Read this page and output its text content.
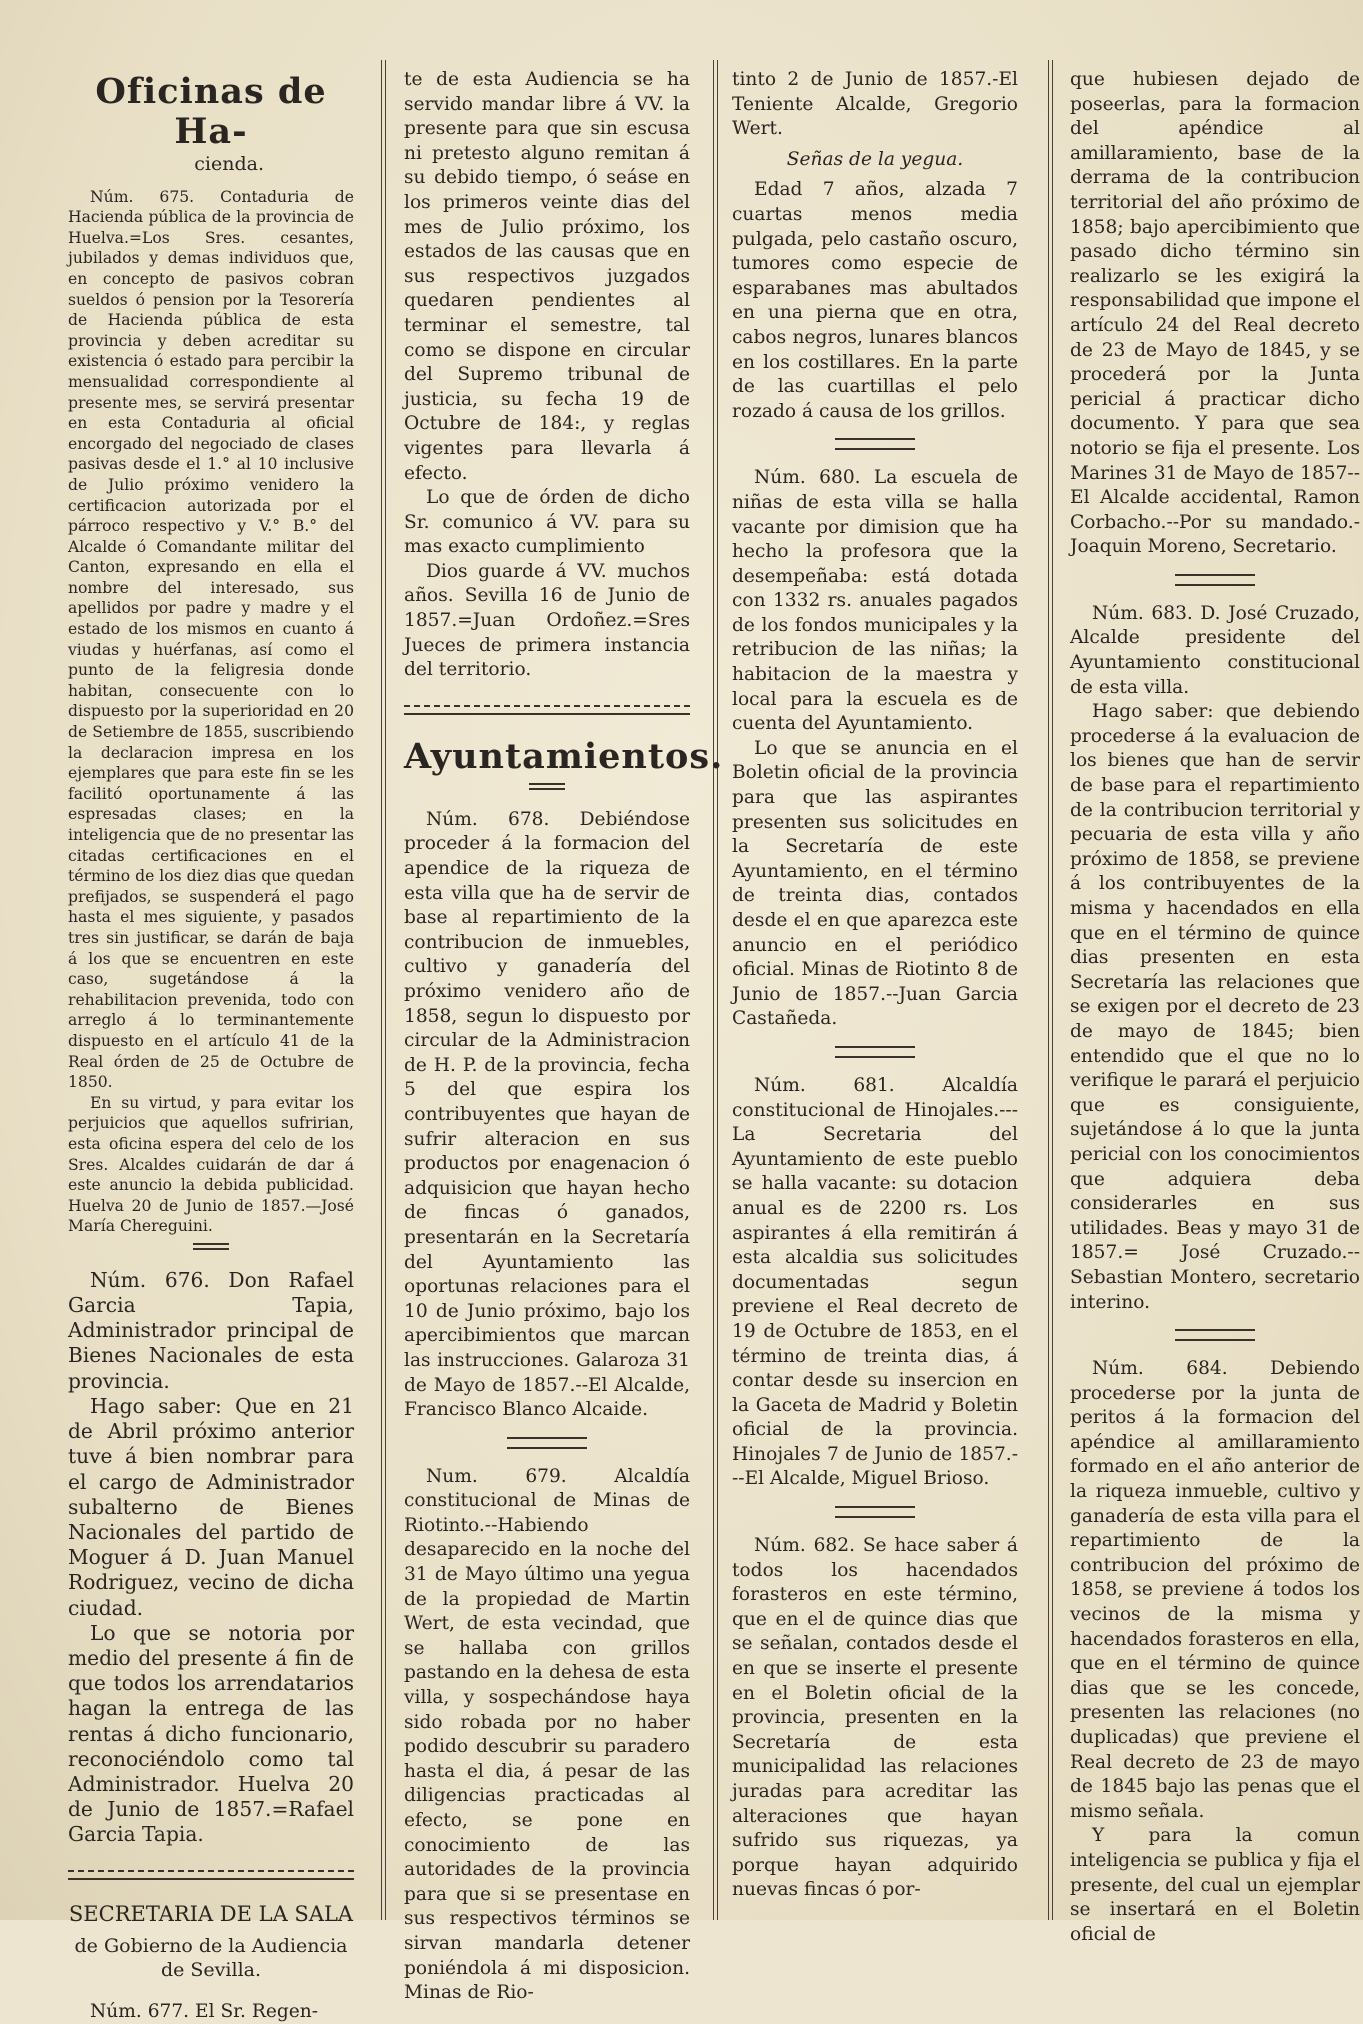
Oficinas de Ha-
cienda.

Núm. 675. Contaduria de Hacienda pública de la provincia de Huelva.=Los Sres. cesantes, jubilados y demas individuos que, en concepto de pasivos cobran sueldos ó pension por la Tesorería de Hacienda pública de esta provincia y deben acreditar su existencia ó estado para percibir la mensualidad correspondiente al presente mes, se servirá presentar en esta Contaduria al oficial encorgado del negociado de clases pasivas desde el 1.° al 10 inclusive de Julio próximo venidero la certificacion autorizada por el párroco respectivo y V.° B.° del Alcalde ó Comandante militar del Canton, expresando en ella el nombre del interesado, sus apellidos por padre y madre y el estado de los mismos en cuanto á viudas y huérfanas, así como el punto de la feligresia donde habitan, consecuente con lo dispuesto por la superioridad en 20 de Setiembre de 1855, suscribiendo la declaracion impresa en los ejemplares que para este fin se les facilitó oportunamente á las espresadas clases; en la inteligencia que de no presentar las citadas certificaciones en el término de los diez dias que quedan prefijados, se suspenderá el pago hasta el mes siguiente, y pasados tres sin justificar, se darán de baja á los que se encuentren en este caso, sugetándose á la rehabilitacion prevenida, todo con arreglo á lo terminantemente dispuesto en el artículo 41 de la Real órden de 25 de Octubre de 1850.

En su virtud, y para evitar los perjuicios que aquellos sufririan, esta oficina espera del celo de los Sres. Alcaldes cuidarán de dar á este anuncio la debida publicidad. Huelva 20 de Junio de 1857.—José María Chereguini.

Núm. 676. Don Rafael Garcia Tapia, Administrador principal de Bienes Nacionales de esta provincia.

Hago saber: Que en 21 de Abril próximo anterior tuve á bien nombrar para el cargo de Administrador subalterno de Bienes Nacionales del partido de Moguer á D. Juan Manuel Rodriguez, vecino de dicha ciudad.

Lo que se notoria por medio del presente á fin de que todos los arrendatarios hagan la entrega de las rentas á dicho funcionario, reconociéndolo como tal Administrador. Huelva 20 de Junio de 1857.=Rafael Garcia Tapia.

SECRETARIA DE LA SALA
de Gobierno de la Audiencia de Sevilla.

Núm. 677. El Sr. Regen-

te de esta Audiencia se ha servido mandar libre á VV. la presente para que sin escusa ni pretesto alguno remitan á su debido tiempo, ó seáse en los primeros veinte dias del mes de Julio próximo, los estados de las causas que en sus respectivos juzgados quedaren pendientes al terminar el semestre, tal como se dispone en circular del Supremo tribunal de justicia, su fecha 19 de Octubre de 184:, y reglas vigentes para llevarla á efecto.

Lo que de órden de dicho Sr. comunico á VV. para su mas exacto cumplimiento

Dios guarde á VV. muchos años. Sevilla 16 de Junio de 1857.=Juan Ordoñez.=Sres Jueces de primera instancia del territorio.

Ayuntamientos.

Núm. 678. Debiéndose proceder á la formacion del apendice de la riqueza de esta villa que ha de servir de base al repartimiento de la contribucion de inmuebles, cultivo y ganadería del próximo venidero año de 1858, segun lo dispuesto por circular de la Administracion de H. P. de la provincia, fecha 5 del que espira los contribuyentes que hayan de sufrir alteracion en sus productos por enagenacion ó adquisicion que hayan hecho de fincas ó ganados, presentarán en la Secretaría del Ayuntamiento las oportunas relaciones para el 10 de Junio próximo, bajo los apercibimientos que marcan las instrucciones. Galaroza 31 de Mayo de 1857.--El Alcalde, Francisco Blanco Alcaide.

Num. 679. Alcaldía constitucional de Minas de Riotinto.--Habiendo desaparecido en la noche del 31 de Mayo último una yegua de la propiedad de Martin Wert, de esta vecindad, que se hallaba con grillos pastando en la dehesa de esta villa, y sospechándose haya sido robada por no haber podido descubrir su paradero hasta el dia, á pesar de las diligencias practicadas al efecto, se pone en conocimiento de las autoridades de la provincia para que si se presentase en sus respectivos términos se sirvan mandarla detener poniéndola á mi disposicion. Minas de Rio-

tinto 2 de Junio de 1857.-El Teniente Alcalde, Gregorio Wert.

Señas de la yegua.

Edad 7 años, alzada 7 cuartas menos media pulgada, pelo castaño oscuro, tumores como especie de esparabanes mas abultados en una pierna que en otra, cabos negros, lunares blancos en los costillares. En la parte de las cuartillas el pelo rozado á causa de los grillos.

Núm. 680. La escuela de niñas de esta villa se halla vacante por dimision que ha hecho la profesora que la desempeñaba: está dotada con 1332 rs. anuales pagados de los fondos municipales y la retribucion de las niñas; la habitacion de la maestra y local para la escuela es de cuenta del Ayuntamiento.

Lo que se anuncia en el Boletin oficial de la provincia para que las aspirantes presenten sus solicitudes en la Secretaría de este Ayuntamiento, en el término de treinta dias, contados desde el en que aparezca este anuncio en el periódico oficial. Minas de Riotinto 8 de Junio de 1857.--Juan Garcia Castañeda.

Núm. 681. Alcaldía constitucional de Hinojales.---La Secretaria del Ayuntamiento de este pueblo se halla vacante: su dotacion anual es de 2200 rs. Los aspirantes á ella remitirán á esta alcaldia sus solicitudes documentadas segun previene el Real decreto de 19 de Octubre de 1853, en el término de treinta dias, á contar desde su insercion en la Gaceta de Madrid y Boletin oficial de la provincia. Hinojales 7 de Junio de 1857.---El Alcalde, Miguel Brioso.

Núm. 682. Se hace saber á todos los hacendados forasteros en este término, que en el de quince dias que se señalan, contados desde el en que se inserte el presente en el Boletin oficial de la provincia, presenten en la Secretaría de esta municipalidad las relaciones juradas para acreditar las alteraciones que hayan sufrido sus riquezas, ya porque hayan adquirido nuevas fincas ó por-

que hubiesen dejado de poseerlas, para la formacion del apéndice al amillaramiento, base de la derrama de la contribucion territorial del año próximo de 1858; bajo apercibimiento que pasado dicho término sin realizarlo se les exigirá la responsabilidad que impone el artículo 24 del Real decreto de 23 de Mayo de 1845, y se procederá por la Junta pericial á practicar dicho documento. Y para que sea notorio se fija el presente. Los Marines 31 de Mayo de 1857--El Alcalde accidental, Ramon Corbacho.--Por su mandado.- Joaquin Moreno, Secretario.

Núm. 683. D. José Cruzado, Alcalde presidente del Ayuntamiento constitucional de esta villa.

Hago saber: que debiendo procederse á la evaluacion de los bienes que han de servir de base para el repartimiento de la contribucion territorial y pecuaria de esta villa y año próximo de 1858, se previene á los contribuyentes de la misma y hacendados en ella que en el término de quince dias presenten en esta Secretaría las relaciones que se exigen por el decreto de 23 de mayo de 1845; bien entendido que el que no lo verifique le parará el perjuicio que es consiguiente, sujetándose á lo que la junta pericial con los conocimientos que adquiera deba considerarles en sus utilidades. Beas y mayo 31 de 1857.= José Cruzado.--Sebastian Montero, secretario interino.

Núm. 684. Debiendo procederse por la junta de peritos á la formacion del apéndice al amillaramiento formado en el año anterior de la riqueza inmueble, cultivo y ganadería de esta villa para el repartimiento de la contribucion del próximo de 1858, se previene á todos los vecinos de la misma y hacendados forasteros en ella, que en el término de quince dias que se les concede, presenten las relaciones (no duplicadas) que previene el Real decreto de 23 de mayo de 1845 bajo las penas que el mismo señala.

Y para la comun inteligencia se publica y fija el presente, del cual un ejemplar se insertará en el Boletin oficial de
